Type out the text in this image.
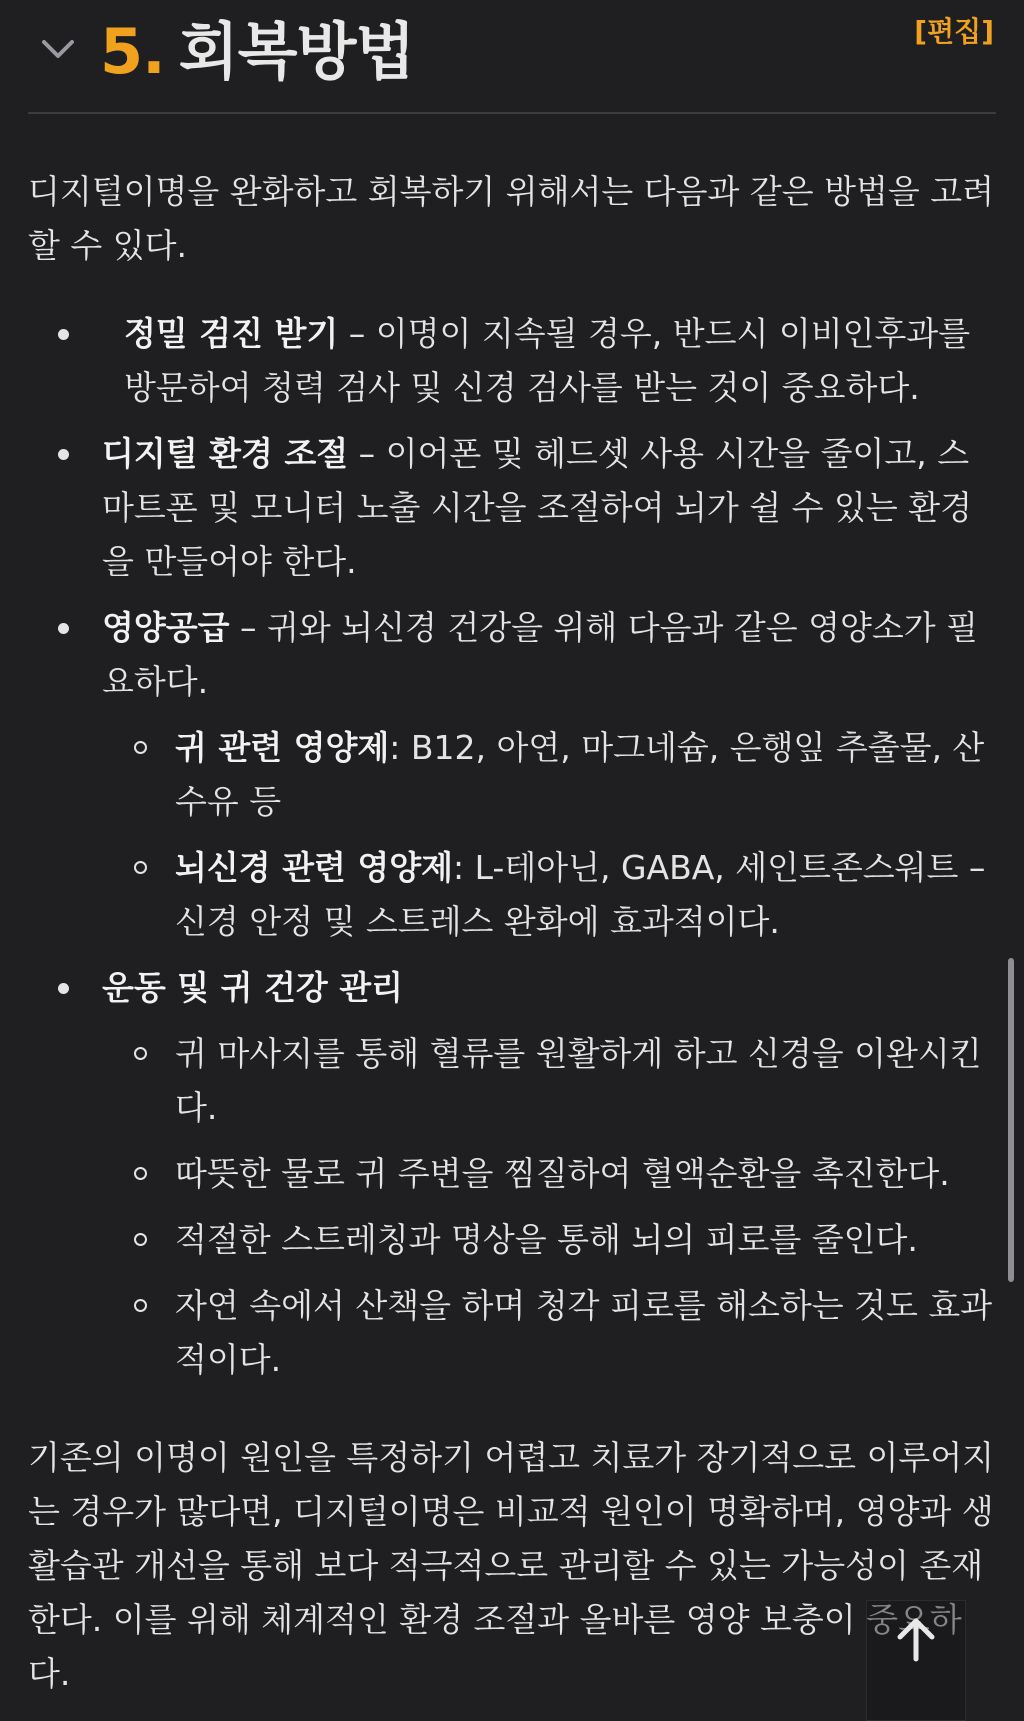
5. 회복방법	[편집]

디지털이명을 완화하고 회복하기 위해서는 다음과 같은 방법을 고려할 수 있다.

정밀 검진 받기 – 이명이 지속될 경우, 반드시 이비인후과를 방문하여 청력 검사 및 신경 검사를 받는 것이 중요하다.
디지털 환경 조절 – 이어폰 및 헤드셋 사용 시간을 줄이고, 스마트폰 및 모니터 노출 시간을 조절하여 뇌가 쉴 수 있는 환경을 만들어야 한다.
영양공급 – 귀와 뇌신경 건강을 위해 다음과 같은 영양소가 필요하다.
귀 관련 영양제: B12, 아연, 마그네슘, 은행잎 추출물, 산수유 등
뇌신경 관련 영양제: L-테아닌, GABA, 세인트존스워트 – 신경 안정 및 스트레스 완화에 효과적이다.
운동 및 귀 건강 관리
귀 마사지를 통해 혈류를 원활하게 하고 신경을 이완시킨다.
따뜻한 물로 귀 주변을 찜질하여 혈액순환을 촉진한다.
적절한 스트레칭과 명상을 통해 뇌의 피로를 줄인다.
자연 속에서 산책을 하며 청각 피로를 해소하는 것도 효과적이다.

기존의 이명이 원인을 특정하기 어렵고 치료가 장기적으로 이루어지는 경우가 많다면, 디지털이명은 비교적 원인이 명확하며, 영양과 생활습관 개선을 통해 보다 적극적으로 관리할 수 있는 가능성이 존재한다. 이를 위해 체계적인 환경 조절과 올바른 영양 보충이 중요하다.
